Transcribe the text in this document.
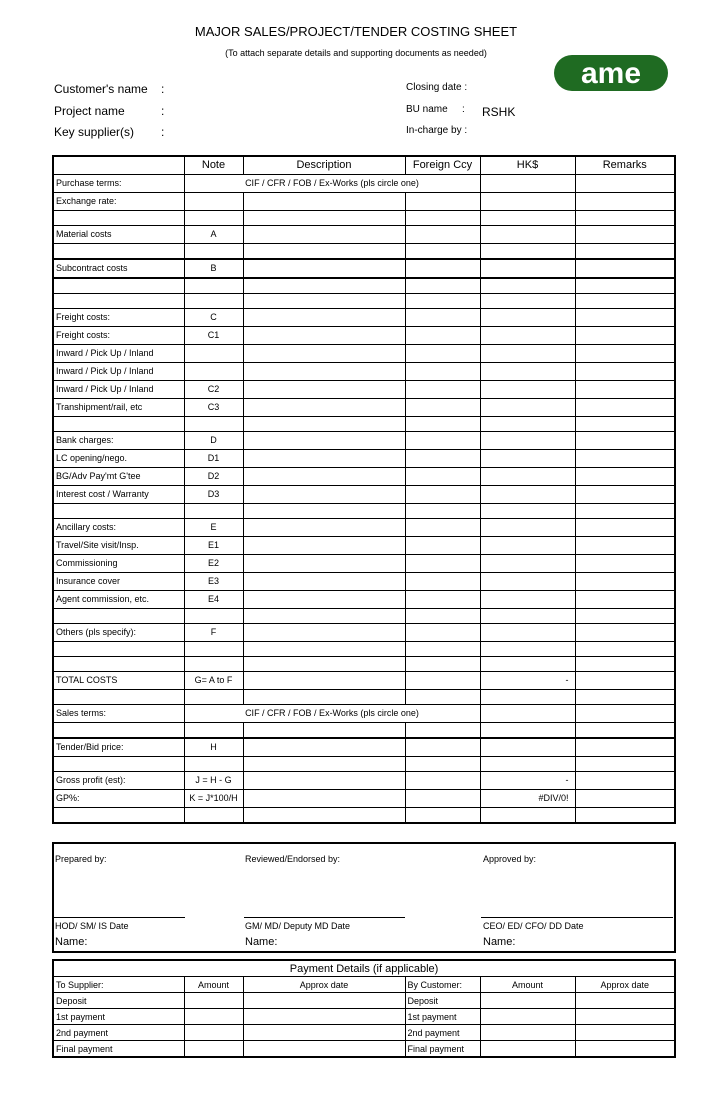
MAJOR SALES/PROJECT/TENDER COSTING SHEET
(To attach separate details and supporting documents as needed)
ame
Customer's name :
Project name	:
Key supplier(s) :
Closing date :
BU name : RSHK
In-charge by :
	Note	Description	Foreign Ccy	HK$	Remarks
Purchase terms:	CIF / CFR / FOB / Ex-Works (pls circle one)				
Exchange rate:					

Material costs	A				

Subcontract costs	B				

Freight costs:	C				
Freight costs:	C1				
Inward / Pick Up / Inland					
Inward / Pick Up / Inland					
Inward / Pick Up / Inland	C2				
Transhipment/rail, etc	C3				

Bank charges:	D				
LC opening/nego.	D1				
BG/Adv Pay'mt G'tee	D2				
Interest cost / Warranty	D3				

Ancillary costs:	E				
Travel/Site visit/Insp.	E1				
Commissioning	E2				
Insurance cover	E3				
Agent commission, etc.	E4				

Others (pls specify):	F				

TOTAL COSTS	G= A to F			-	

Sales terms:	CIF / CFR / FOB / Ex-Works (pls circle one)				

Tender/Bid price:	H				

Gross profit (est):	J = H - G			-	
GP%:	K = J*100/H			#DIV/0!	

Prepared by:	Reviewed/Endorsed by:	Approved by:
HOD/ SM/ IS Date	GM/ MD/ Deputy MD Date	CEO/ ED/ CFO/ DD Date
Name:	Name:	Name:
Payment Details (if applicable)					
To Supplier:	Amount	Approx date	By Customer:	Amount	Approx date
Deposit			Deposit		
1st payment			1st payment		
2nd payment			2nd payment		
Final payment			Final payment		
